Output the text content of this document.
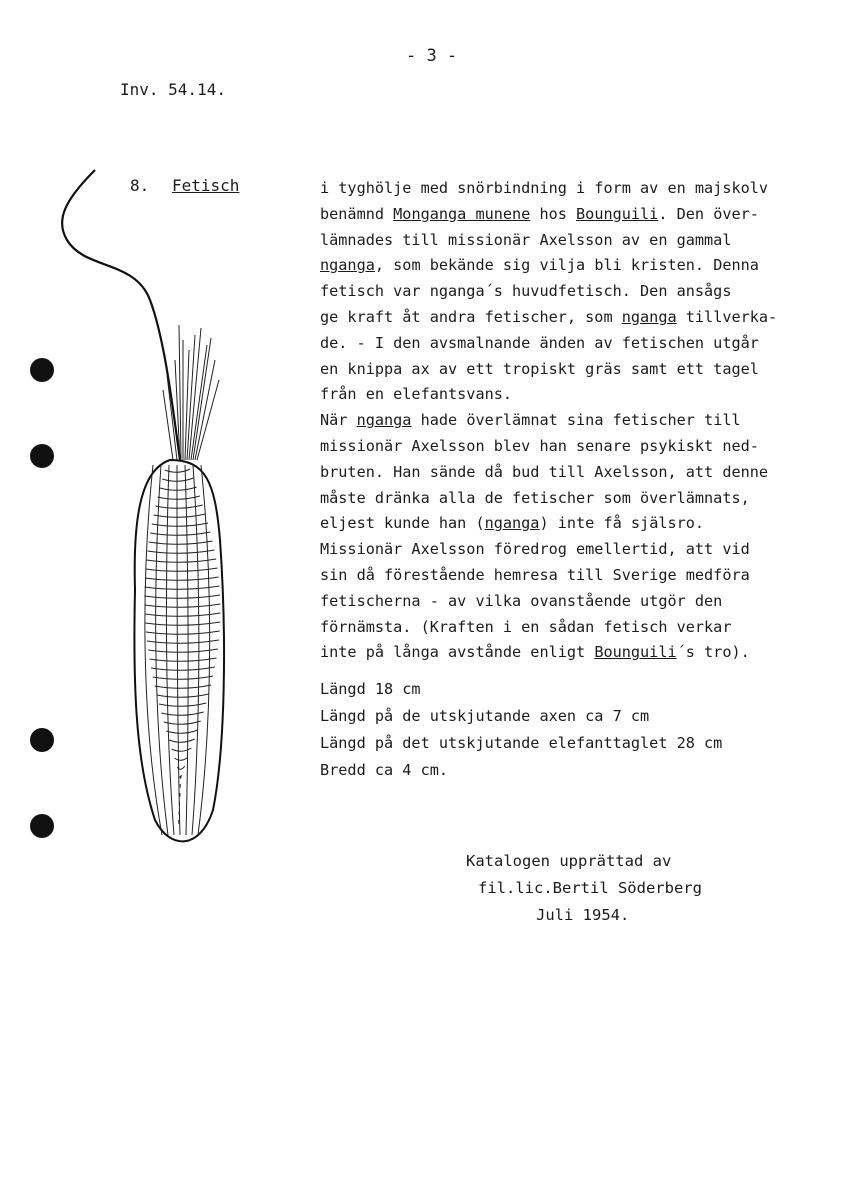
- 3 -
Inv. 54.14.
8. Fetisch	i tyghölje med snörbindning i form av en majskolv
benämnd Monganga munene hos Bounguili. Den över-
lämnades till missionär Axelsson av en gammal
nganga, som bekände sig vilja bli kristen. Denna
fetisch var nganga´s huvudfetisch. Den ansågs
ge kraft åt andra fetischer, som nganga tillverka-
de. - I den avsmalnande änden av fetischen utgår
en knippa ax av ett tropiskt gräs samt ett tagel
från en elefantsvans.
När nganga hade överlämnat sina fetischer till
missionär Axelsson blev han senare psykiskt ned-
bruten. Han sände då bud till Axelsson, att denne
måste dränka alla de fetischer som överlämnats,
eljest kunde han (nganga) inte få själsro.
Missionär Axelsson föredrog emellertid, att vid
sin då förestående hemresa till Sverige medföra
fetischerna - av vilka ovanstående utgör den
förnämsta. (Kraften i en sådan fetisch verkar
inte på långa avstånde enligt Bounguili´s tro).
Längd 18 cm
Längd på de utskjutande axen ca 7 cm
Längd på det utskjutande elefanttaglet 28 cm
Bredd ca 4 cm.
Katalogen upprättad av
fil.lic.Bertil Söderberg
Juli 1954.
